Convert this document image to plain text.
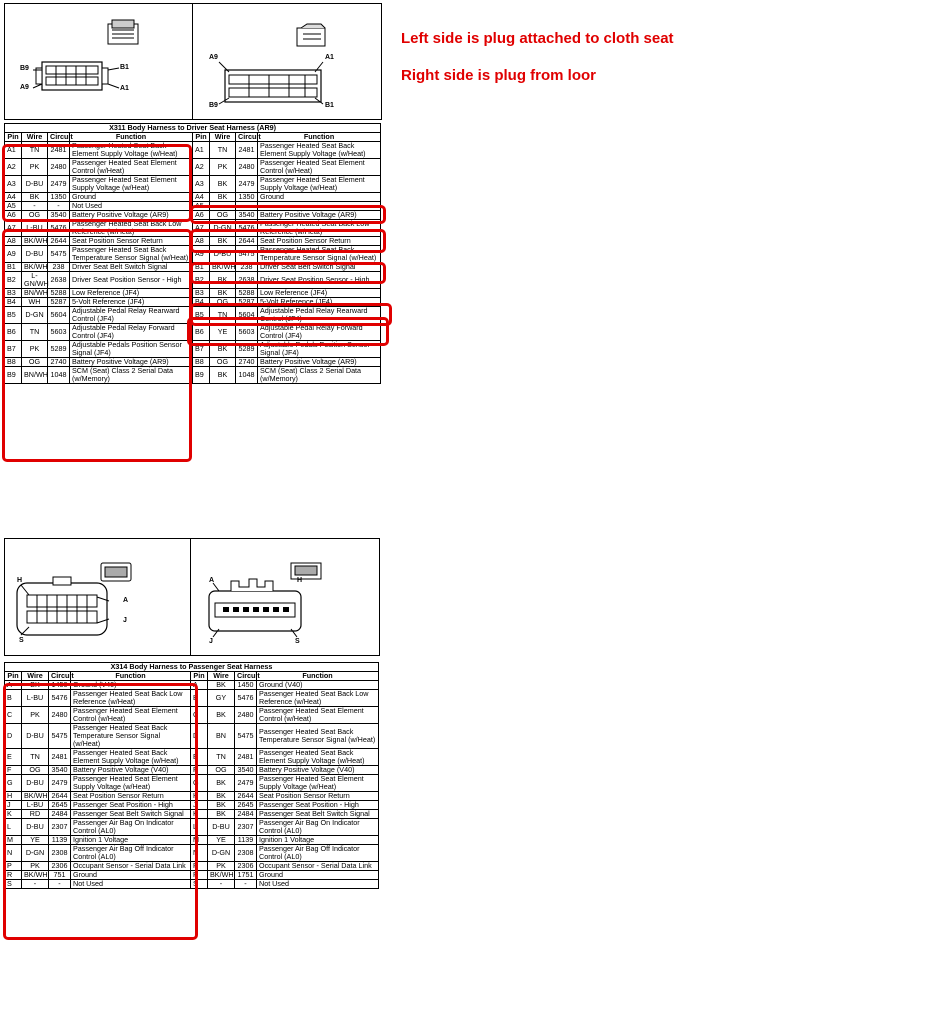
B9
A9
B1
A1
A9	A1
B9	B1
Left side is plug attached to cloth seat
Right side is plug from loor
X311 Body Harness to Driver Seat Harness (AR9)							
Pin	Wire	Circuit	Function	Pin	Wire	Circuit	Function
A1	TN	2481	Passenger Heated Seat Back Element Supply Voltage (w/Heat)	A1	TN	2481	Passenger Heated Seat Back Element Supply Voltage (w/Heat)
A2	PK	2480	Passenger Heated Seat Element Control (w/Heat)	A2	PK	2480	Passenger Heated Seat Element Control (w/Heat)
A3	D-BU	2479	Passenger Heated Seat Element Supply Voltage (w/Heat)	A3	BK	2479	Passenger Heated Seat Element Supply Voltage (w/Heat)
A4	BK	1350	Ground	A4	BK	1350	Ground
A5	-	-	Not Used	A5			
A6	OG	3540	Battery Positive Voltage (AR9)	A6	OG	3540	Battery Positive Voltage (AR9)
A7	L-BU	5476	Passenger Heated Seat Back Low Reference (w/Heat)	A7	D-GN	5476	Passenger Heated Seat Back Low Reference (w/Heat)
A8	BK/WH	2644	Seat Position Sensor Return	A8	BK	2644	Seat Position Sensor Return
A9	D-BU	5475	Passenger Heated Seat Back Temperature Sensor Signal (w/Heat)	A9	D-BU	5475	Passenger Heated Seat Back Temperature Sensor Signal (w/Heat)
B1	BK/WH	238	Driver Seat Belt Switch Signal	B1	BK/WH	238	Driver Seat Belt Switch Signal
B2	L-GN/WH	2638	Driver Seat Position Sensor - High	B2	BK	2638	Driver Seat Position Sensor - High
B3	BN/WH	5288	Low Reference (JF4)	B3	BK	5288	Low Reference (JF4)
B4	WH	5287	5-Volt Reference (JF4)	B4	OG	5287	5-Volt Reference (JF4)
B5	D-GN	5604	Adjustable Pedal Relay Rearward Control (JF4)	B5	TN	5604	Adjustable Pedal Relay Rearward Control (JF4)
B6	TN	5603	Adjustable Pedal Relay Forward Control (JF4)	B6	YE	5603	Adjustable Pedal Relay Forward Control (JF4)
B7	PK	5289	Adjustable Pedals Position Sensor Signal (JF4)	B7	BK	5289	Adjustable Pedals Position Sensor Signal (JF4)
B8	OG	2740	Battery Positive Voltage (AR9)	B8	OG	2740	Battery Positive Voltage (AR9)
B9	BN/WH	1048	SCM (Seat) Class 2 Serial Data (w/Memory)	B9	BK	1048	SCM (Seat) Class 2 Serial Data (w/Memory)
H
A
J
S
A	H
J	S
X314 Body Harness to Passenger Seat Harness							
Pin	Wire	Circuit	Function	Pin	Wire	Circuit	Function
A	BK	1450	Ground (V40)	A	BK	1450	Ground (V40)
B	L-BU	5476	Passenger Heated Seat Back Low Reference (w/Heat)	B	GY	5476	Passenger Heated Seat Back Low Reference (w/Heat)
C	PK	2480	Passenger Heated Seat Element Control (w/Heat)	C	BK	2480	Passenger Heated Seat Element Control (w/Heat)
D	D-BU	5475	Passenger Heated Seat Back Temperature Sensor Signal (w/Heat)	D	BN	5475	Passenger Heated Seat Back Temperature Sensor Signal (w/Heat)
E	TN	2481	Passenger Heated Seat Back Element Supply Voltage (w/Heat)	E	TN	2481	Passenger Heated Seat Back Element Supply Voltage (w/Heat)
F	OG	3540	Battery Positive Voltage (V40)	F	OG	3540	Battery Positive Voltage (V40)
G	D-BU	2479	Passenger Heated Seat Element Supply Voltage (w/Heat)	G	BK	2479	Passenger Heated Seat Element Supply Voltage (w/Heat)
H	BK/WH	2644	Seat Position Sensor Return	H	BK	2644	Seat Position Sensor Return
J	L-BU	2645	Passenger Seat Position - High	J	BK	2645	Passenger Seat Position - High
K	RD	2484	Passenger Seat Belt Switch Signal	K	BK	2484	Passenger Seat Belt Switch Signal
L	D-BU	2307	Passenger Air Bag On Indicator Control (AL0)	L	D-BU	2307	Passenger Air Bag On Indicator Control (AL0)
M	YE	1139	Ignition 1 Voltage	M	YE	1139	Ignition 1 Voltage
N	D-GN	2308	Passenger Air Bag Off Indicator Control (AL0)	N	D-GN	2308	Passenger Air Bag Off Indicator Control (AL0)
P	PK	2306	Occupant Sensor - Serial Data Link	P	PK	2306	Occupant Sensor - Serial Data Link
R	BK/WH	751	Ground	R	BK/WH	1751	Ground
S	-	-	Not Used	S	-	-	Not Used
